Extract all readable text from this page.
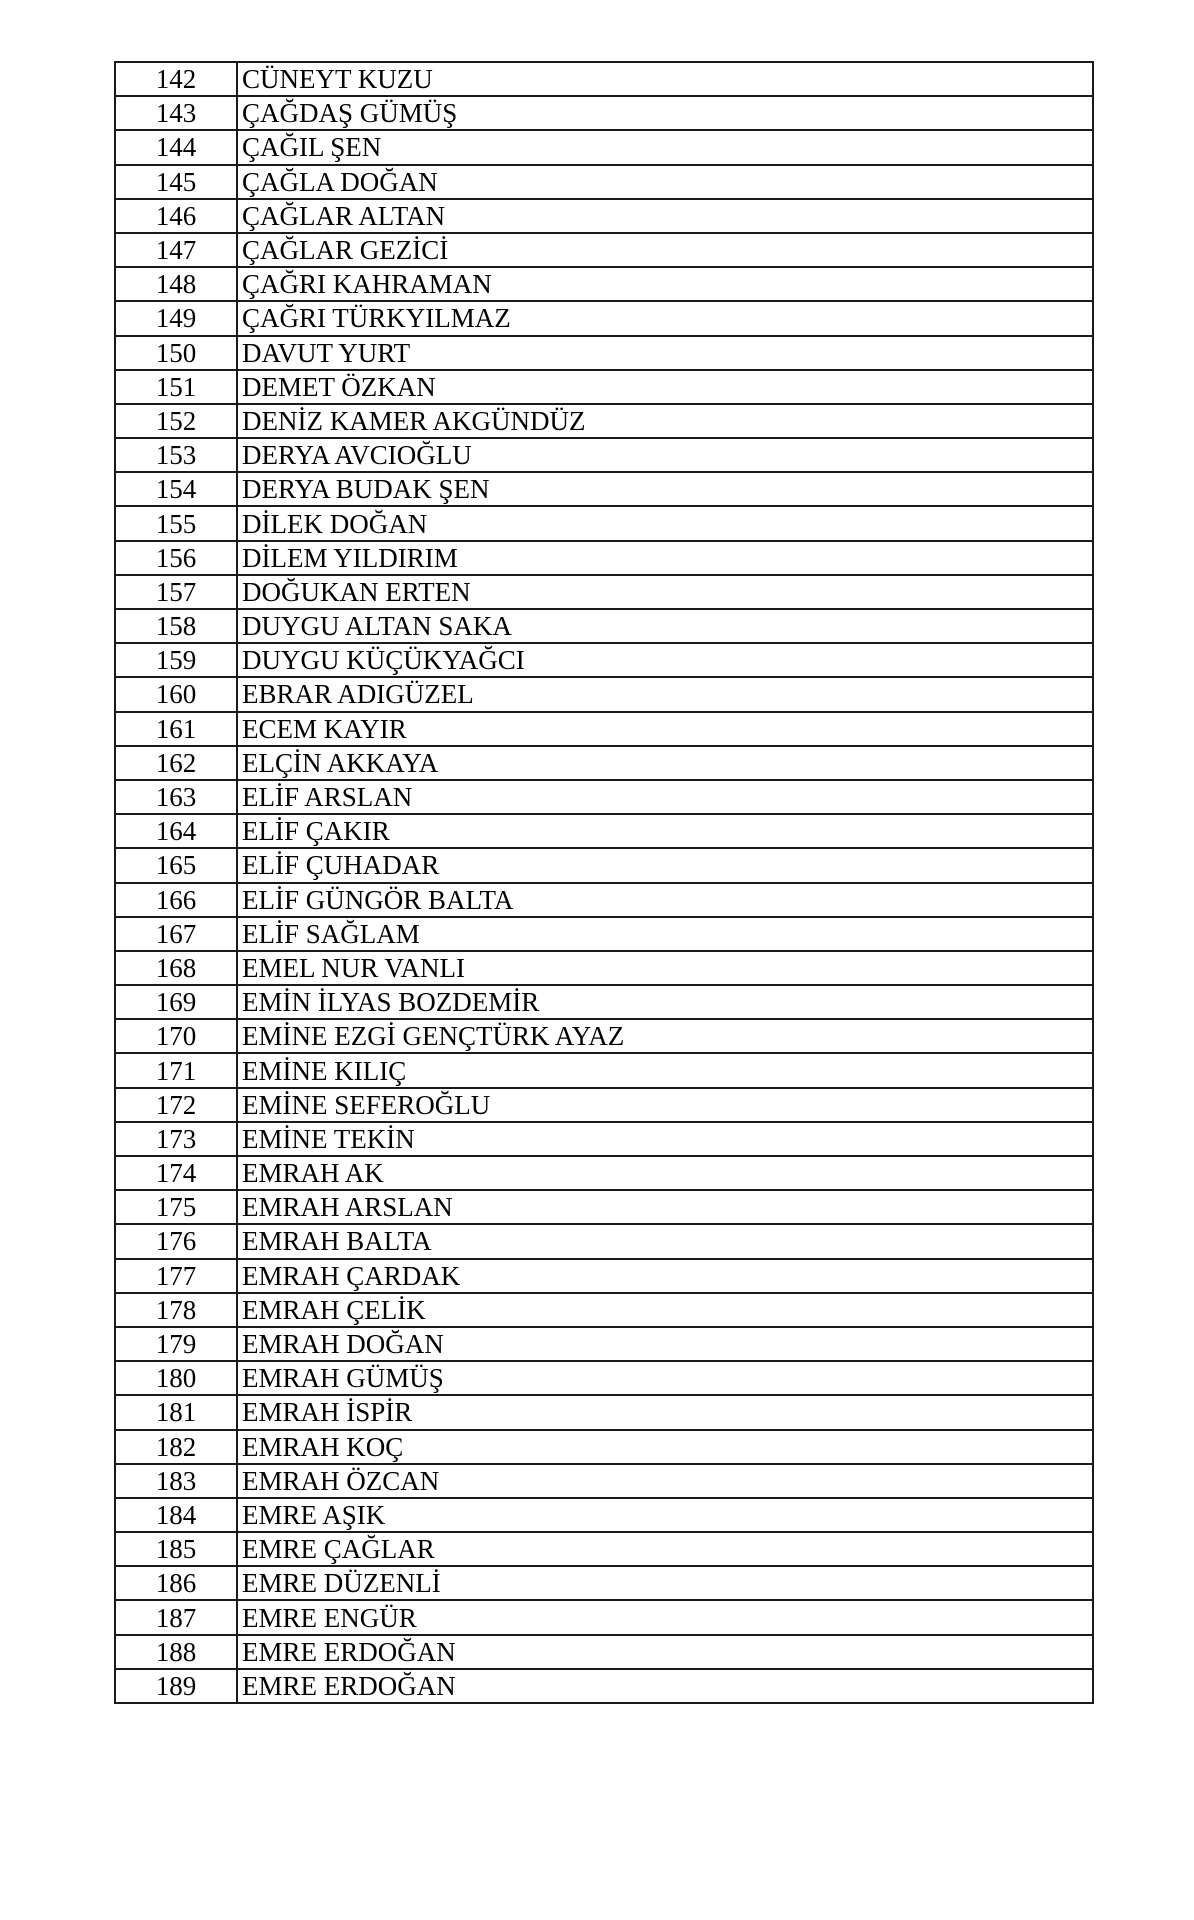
142	CÜNEYT KUZU
143	ÇAĞDAŞ GÜMÜŞ
144	ÇAĞIL ŞEN
145	ÇAĞLA DOĞAN
146	ÇAĞLAR ALTAN
147	ÇAĞLAR GEZİCİ
148	ÇAĞRI KAHRAMAN
149	ÇAĞRI TÜRKYILMAZ
150	DAVUT YURT
151	DEMET ÖZKAN
152	DENİZ KAMER AKGÜNDÜZ
153	DERYA AVCIOĞLU
154	DERYA BUDAK ŞEN
155	DİLEK DOĞAN
156	DİLEM YILDIRIM
157	DOĞUKAN ERTEN
158	DUYGU ALTAN SAKA
159	DUYGU KÜÇÜKYAĞCI
160	EBRAR ADIGÜZEL
161	ECEM KAYIR
162	ELÇİN AKKAYA
163	ELİF ARSLAN
164	ELİF ÇAKIR
165	ELİF ÇUHADAR
166	ELİF GÜNGÖR BALTA
167	ELİF SAĞLAM
168	EMEL NUR VANLI
169	EMİN İLYAS BOZDEMİR
170	EMİNE EZGİ GENÇTÜRK AYAZ
171	EMİNE KILIÇ
172	EMİNE SEFEROĞLU
173	EMİNE TEKİN
174	EMRAH AK
175	EMRAH ARSLAN
176	EMRAH BALTA
177	EMRAH ÇARDAK
178	EMRAH ÇELİK
179	EMRAH DOĞAN
180	EMRAH GÜMÜŞ
181	EMRAH İSPİR
182	EMRAH KOÇ
183	EMRAH ÖZCAN
184	EMRE AŞIK
185	EMRE ÇAĞLAR
186	EMRE DÜZENLİ
187	EMRE ENGÜR
188	EMRE ERDOĞAN
189	EMRE ERDOĞAN
